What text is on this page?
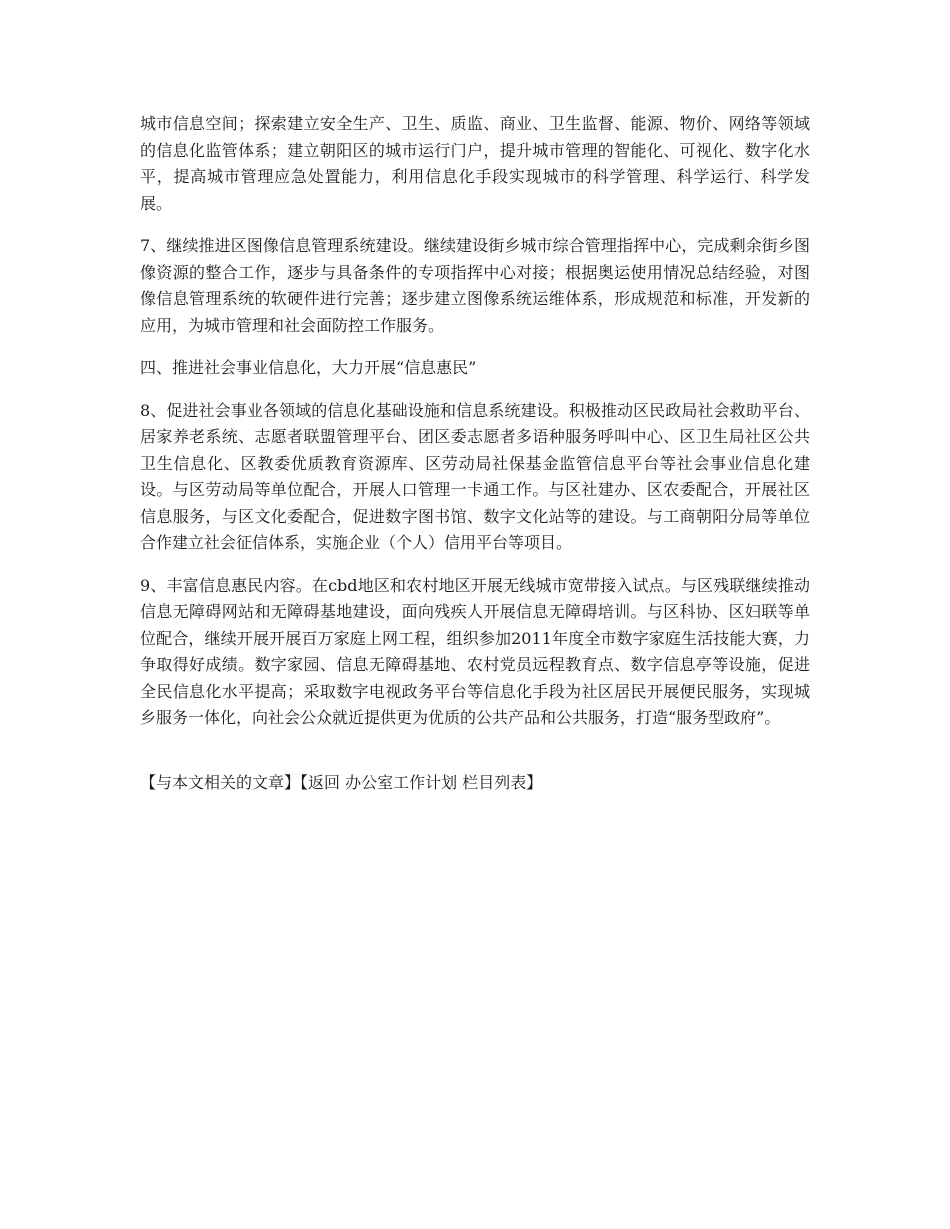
城市信息空间；探索建立安全生产、卫生、质监、商业、卫生监督、能源、物价、网络等领域的信息化监管体系；建立朝阳区的城市运行门户，提升城市管理的智能化、可视化、数字化水平，提高城市管理应急处置能力，利用信息化手段实现城市的科学管理、科学运行、科学发展。

7、继续推进区图像信息管理系统建设。继续建设街乡城市综合管理指挥中心，完成剩余街乡图像资源的整合工作，逐步与具备条件的专项指挥中心对接；根据奥运使用情况总结经验，对图像信息管理系统的软硬件进行完善；逐步建立图像系统运维体系，形成规范和标准，开发新的应用，为城市管理和社会面防控工作服务。

四、推进社会事业信息化，大力开展“信息惠民”

8、促进社会事业各领域的信息化基础设施和信息系统建设。积极推动区民政局社会救助平台、居家养老系统、志愿者联盟管理平台、团区委志愿者多语种服务呼叫中心、区卫生局社区公共卫生信息化、区教委优质教育资源库、区劳动局社保基金监管信息平台等社会事业信息化建设。与区劳动局等单位配合，开展人口管理一卡通工作。与区社建办、区农委配合，开展社区信息服务，与区文化委配合，促进数字图书馆、数字文化站等的建设。与工商朝阳分局等单位合作建立社会征信体系，实施企业（个人）信用平台等项目。

9、丰富信息惠民内容。在cbd地区和农村地区开展无线城市宽带接入试点。与区残联继续推动信息无障碍网站和无障碍基地建设，面向残疾人开展信息无障碍培训。与区科协、区妇联等单位配合，继续开展开展百万家庭上网工程，组织参加2011年度全市数字家庭生活技能大赛，力争取得好成绩。数字家园、信息无障碍基地、农村党员远程教育点、数字信息亭等设施，促进全民信息化水平提高；采取数字电视政务平台等信息化手段为社区居民开展便民服务，实现城乡服务一体化，向社会公众就近提供更为优质的公共产品和公共服务，打造“服务型政府”。

【与本文相关的文章】【返回 办公室工作计划 栏目列表】
